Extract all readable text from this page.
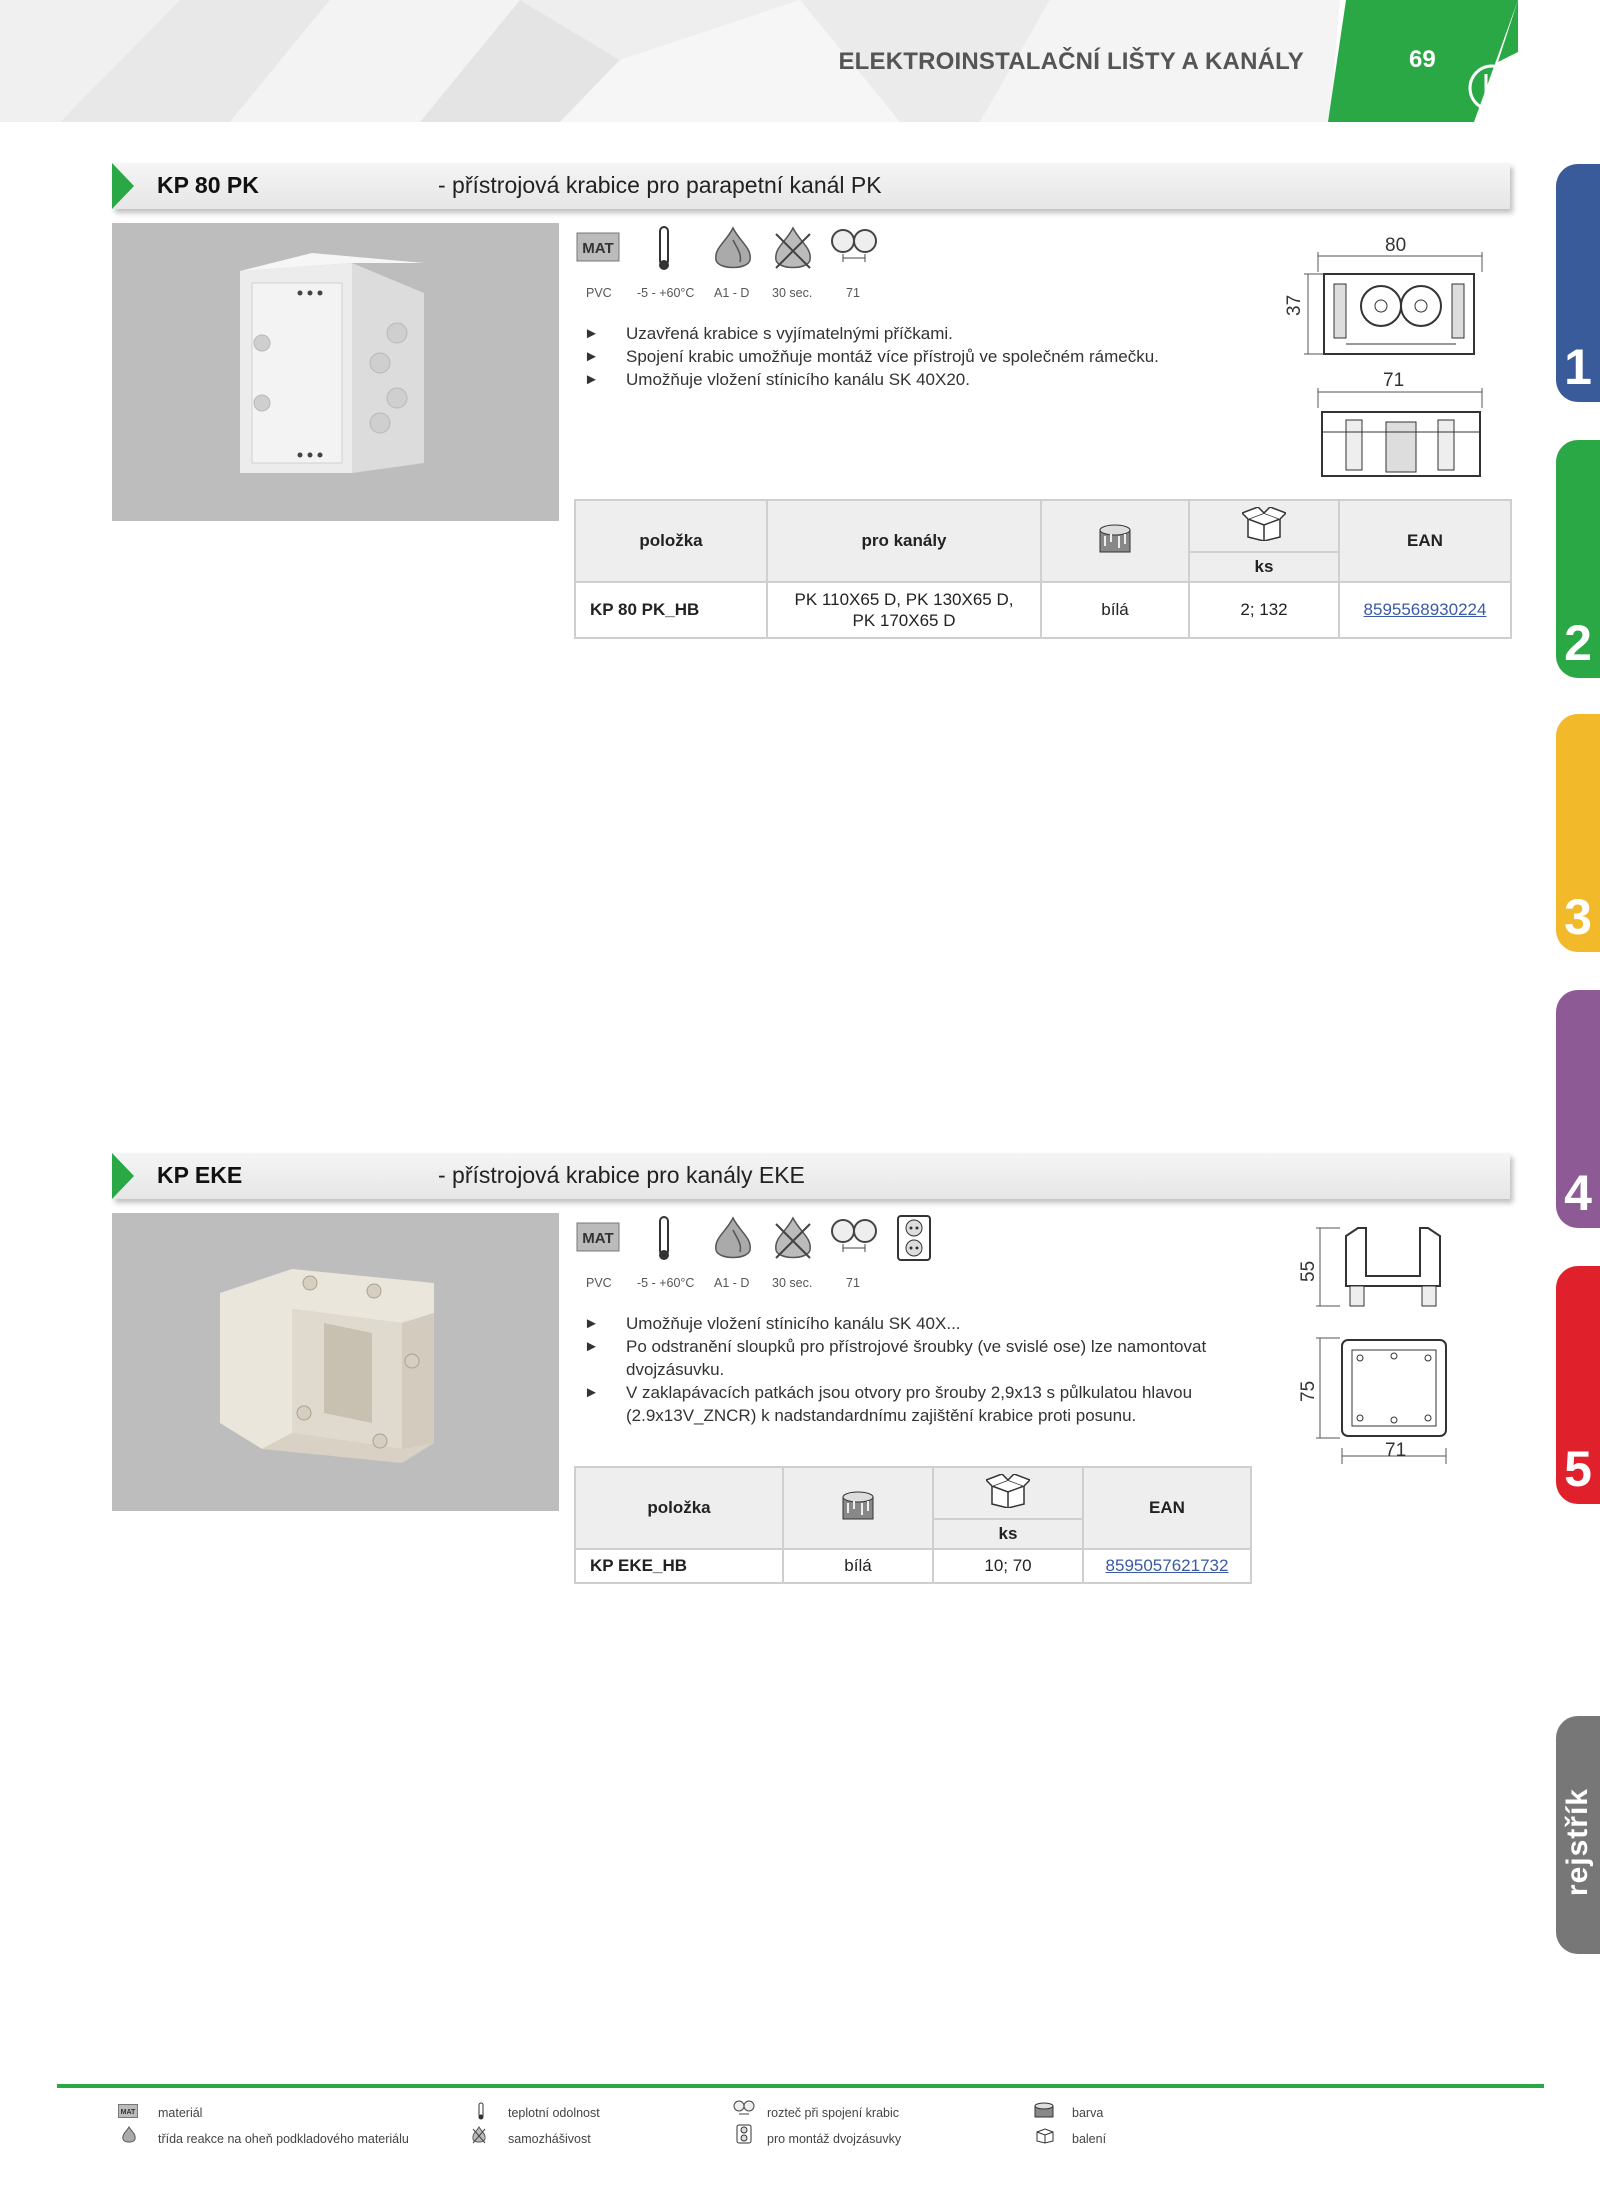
ELEKTROINSTALAČNÍ LIŠTY A KANÁLY	69
1
2
3
4
5
rejstřík
KP 80 PK	- přístrojová krabice pro parapetní kanál PK
MAT
PVC -5 - +60°C A1 - D 30 sec.	71
► Uzavřená krabice s vyjímatelnými příčkami.
► Spojení krabic umožňuje montáž více přístrojů ve společném rámečku.
► Umožňuje vložení stínicího kanálu SK 40X20.
80
37
71
položka	pro kanály			EAN
			ks	
KP 80 PK_HB	PK 110X65 D, PK 130X65 D, PK 170X65 D	bílá	2; 132	8595568930224
KP EKE	- přístrojová krabice pro kanály EKE
MAT
PVC -5 - +60°C A1 - D 30 sec.	71
► Umožňuje vložení stínicího kanálu SK 40X...
► Po odstranění sloupků pro přístrojové šroubky (ve svislé ose) lze namontovat dvojzásuvku.
► V zaklapávacích patkách jsou otvory pro šrouby 2,9x13 s půlkulatou hlavou (2.9x13V_ZNCR) k nadstandardnímu zajištění krabice proti posunu.
55
75
71
položka			EAN
		ks	
KP EKE_HB	bílá	10; 70	8595057621732
MAT materiál
třída reakce na oheň podkladového materiálu
teplotní odolnost
samozhášivost
rozteč při spojení krabic
pro montáž dvojzásuvky
barva
balení
